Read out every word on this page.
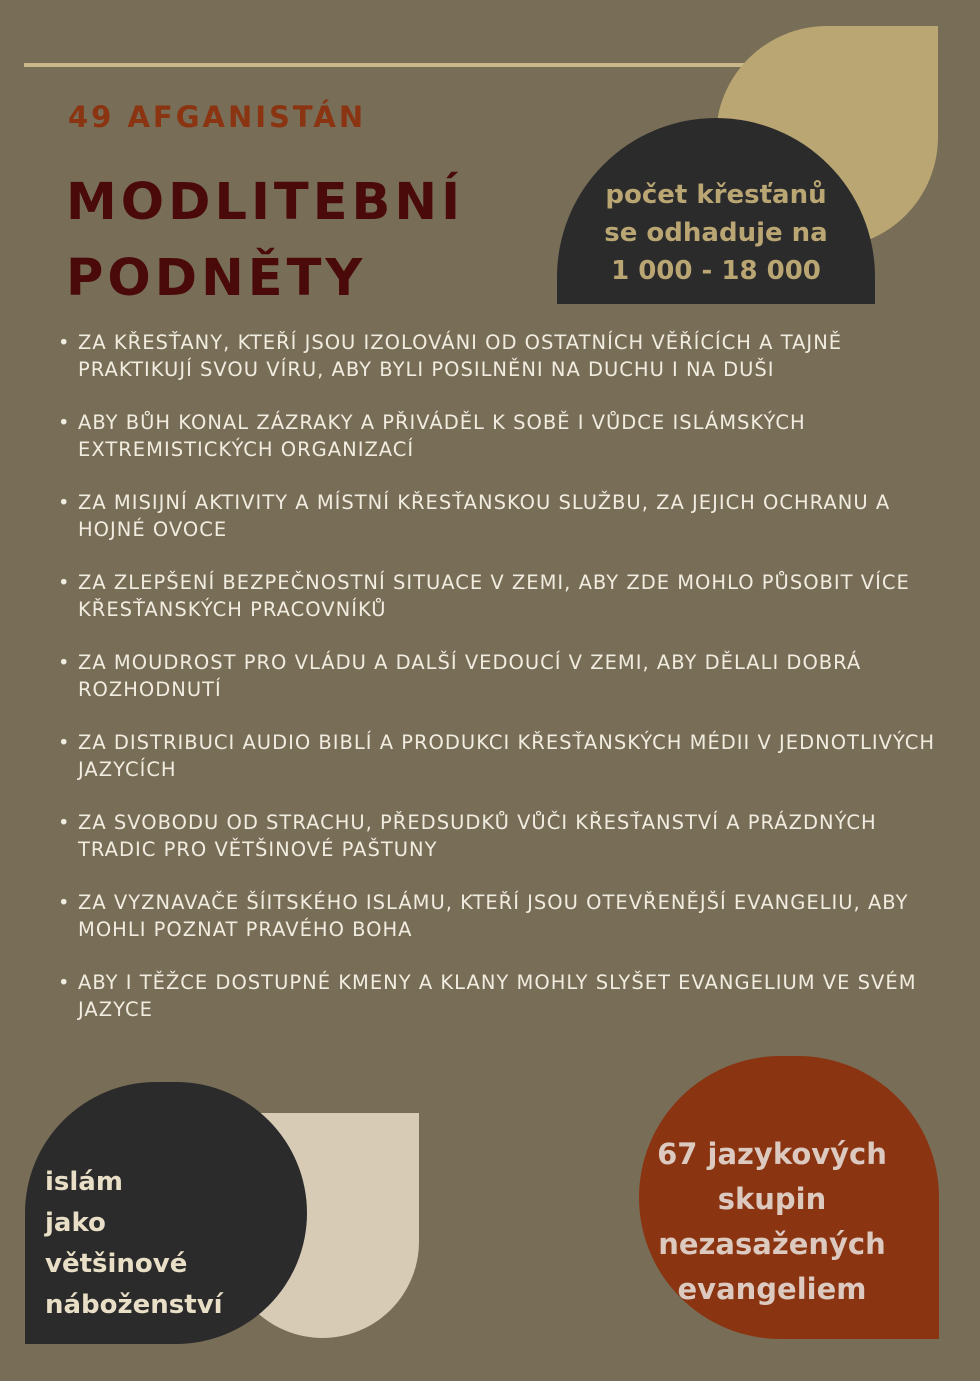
počet křesťanů
se odhaduje na
1 000 - 18 000
49 AFGANISTÁN
MODLITEBNÍ
PODNĚTY
• ZA KŘESŤANY, KTEŘÍ JSOU IZOLOVÁNI OD OSTATNÍCH VĚŘÍCÍCH A TAJNĚ PRAKTIKUJÍ SVOU VÍRU, ABY BYLI POSILNĚNI NA DUCHU I NA DUŠI
• ABY BŮH KONAL ZÁZRAKY A PŘIVÁDĚL K SOBĚ I VŮDCE ISLÁMSKÝCH EXTREMISTICKÝCH ORGANIZACÍ
• ZA MISIJNÍ AKTIVITY A MÍSTNÍ KŘESŤANSKOU SLUŽBU, ZA JEJICH OCHRANU A HOJNÉ OVOCE
• ZA ZLEPŠENÍ BEZPEČNOSTNÍ SITUACE V ZEMI, ABY ZDE MOHLO PŮSOBIT VÍCE KŘESŤANSKÝCH PRACOVNÍKŮ
• ZA MOUDROST PRO VLÁDU A DALŠÍ VEDOUCÍ V ZEMI, ABY DĚLALI DOBRÁ ROZHODNUTÍ
• ZA DISTRIBUCI AUDIO BIBLÍ A PRODUKCI KŘESŤANSKÝCH MÉDII V JEDNOTLIVÝCH JAZYCÍCH
• ZA SVOBODU OD STRACHU, PŘEDSUDKŮ VŮČI KŘESŤANSTVÍ A PRÁZDNÝCH TRADIC PRO VĚTŠINOVÉ PAŠTUNY
• ZA VYZNAVAČE ŠÍITSKÉHO ISLÁMU, KTEŘÍ JSOU OTEVŘENĚJŠÍ EVANGELIU, ABY MOHLI POZNAT PRAVÉHO BOHA
• ABY I TĚŽCE DOSTUPNÉ KMENY A KLANY MOHLY SLYŠET EVANGELIUM VE SVÉM JAZYCE
islám
jako
většinové
náboženství
67 jazykových
skupin
nezasažených
evangeliem
